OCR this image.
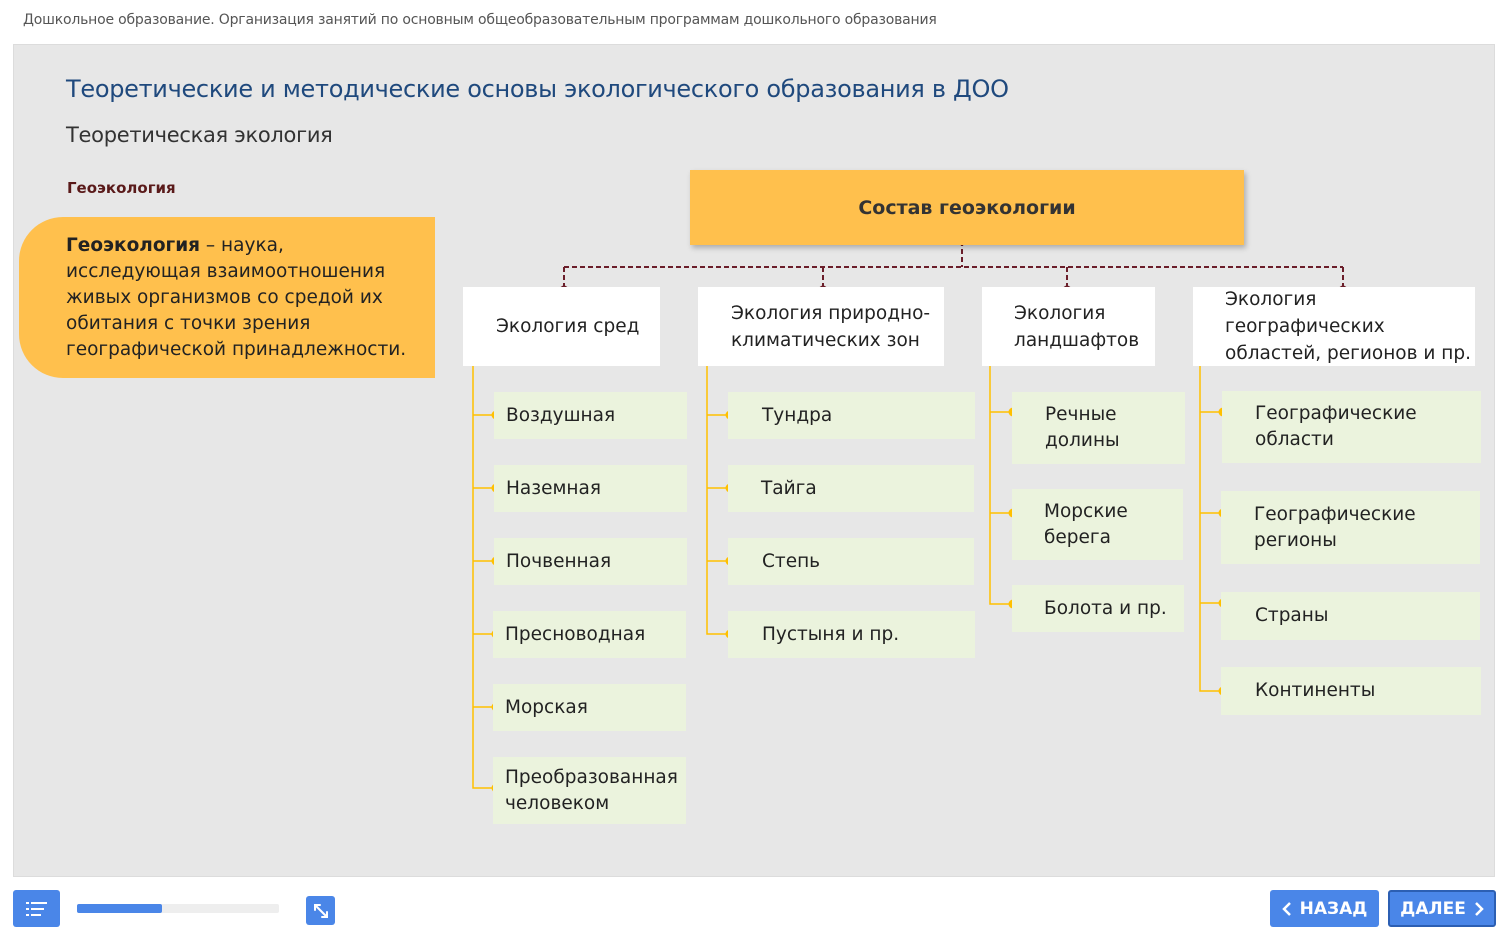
Дошкольное образование. Организация занятий по основным общеобразовательным программам дошкольного образования
Теоретические и методические основы экологического образования в ДОО
Теоретическая экология
Геоэкология
Геоэкология – наука, исследующая взаимоотношения живых организмов со средой их обитания с точки зрения географической принадлежности.
Состав геоэкологии
Экология сред
Экология природно-климатических зон
Экология ландшафтов
Экология географических областей, регионов и пр.
Воздушная
Наземная
Почвенная
Пресноводная
Морская
Преобразованная человеком
Тундра
Тайга
Степь
Пустыня и пр.
Речные долины
Морские берега
Болота и пр.
Географические области
Географические регионы
Страны
Континенты
НАЗАД ДАЛЕЕ
